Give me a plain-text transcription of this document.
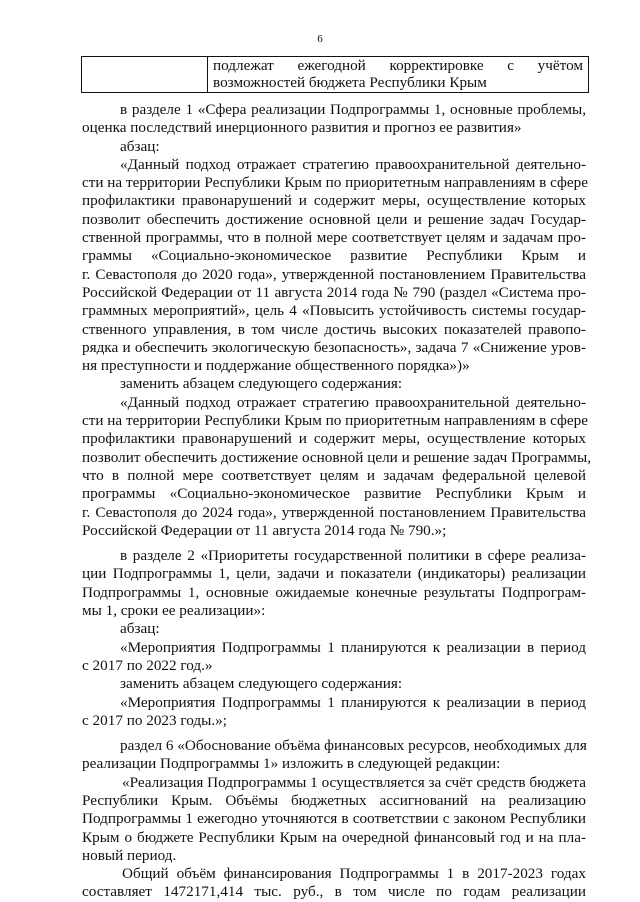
6

подлежат ежегодной корректировке с учётом
возможностей бюджета Республики Крым
в разделе 1 «Сфера реализации Подпрограммы 1, основные проблемы,
оценка последствий инерционного развития и прогноз ее развития»
абзац:
«Данный подход отражает стратегию правоохранительной деятельно-
сти на территории Республики Крым по приоритетным направлениям в сфере
профилактики правонарушений и содержит меры, осуществление которых
позволит обеспечить достижение основной цели и решение задач Государ-
ственной программы, что в полной мере соответствует целям и задачам про-
граммы «Социально-экономическое развитие Республики Крым и
г. Севастополя до 2020 года», утвержденной постановлением Правительства
Российской Федерации от 11 августа 2014 года № 790 (раздел «Система про-
граммных мероприятий», цель 4 «Повысить устойчивость системы государ-
ственного управления, в том числе достичь высоких показателей правопо-
рядка и обеспечить экологическую безопасность», задача 7 «Снижение уров-
ня преступности и поддержание общественного порядка»)»
заменить абзацем следующего содержания:
«Данный подход отражает стратегию правоохранительной деятельно-
сти на территории Республики Крым по приоритетным направлениям в сфере
профилактики правонарушений и содержит меры, осуществление которых
позволит обеспечить достижение основной цели и решение задач Программы,
что в полной мере соответствует целям и задачам федеральной целевой
программы «Социально-экономическое развитие Республики Крым и
г. Севастополя до 2024 года», утвержденной постановлением Правительства
Российской Федерации от 11 августа 2014 года № 790.»;
в разделе 2 «Приоритеты государственной политики в сфере реализа-
ции Подпрограммы 1, цели, задачи и показатели (индикаторы) реализации
Подпрограммы 1, основные ожидаемые конечные результаты Подпрограм-
мы 1, сроки ее реализации»:
абзац:
«Мероприятия Подпрограммы 1 планируются к реализации в период
с 2017 по 2022 год.»
заменить абзацем следующего содержания:
«Мероприятия Подпрограммы 1 планируются к реализации в период
с 2017 по 2023 годы.»;
раздел 6 «Обоснование объёма финансовых ресурсов, необходимых для
реализации Подпрограммы 1» изложить в следующей редакции:
«Реализация Подпрограммы 1 осуществляется за счёт средств бюджета
Республики Крым. Объёмы бюджетных ассигнований на реализацию
Подпрограммы 1 ежегодно уточняются в соответствии с законом Республики
Крым о бюджете Республики Крым на очередной финансовый год и на пла-
новый период.
Общий объём финансирования Подпрограммы 1 в 2017-2023 годах
составляет 1472171,414 тыс. руб., в том числе по годам реализации
